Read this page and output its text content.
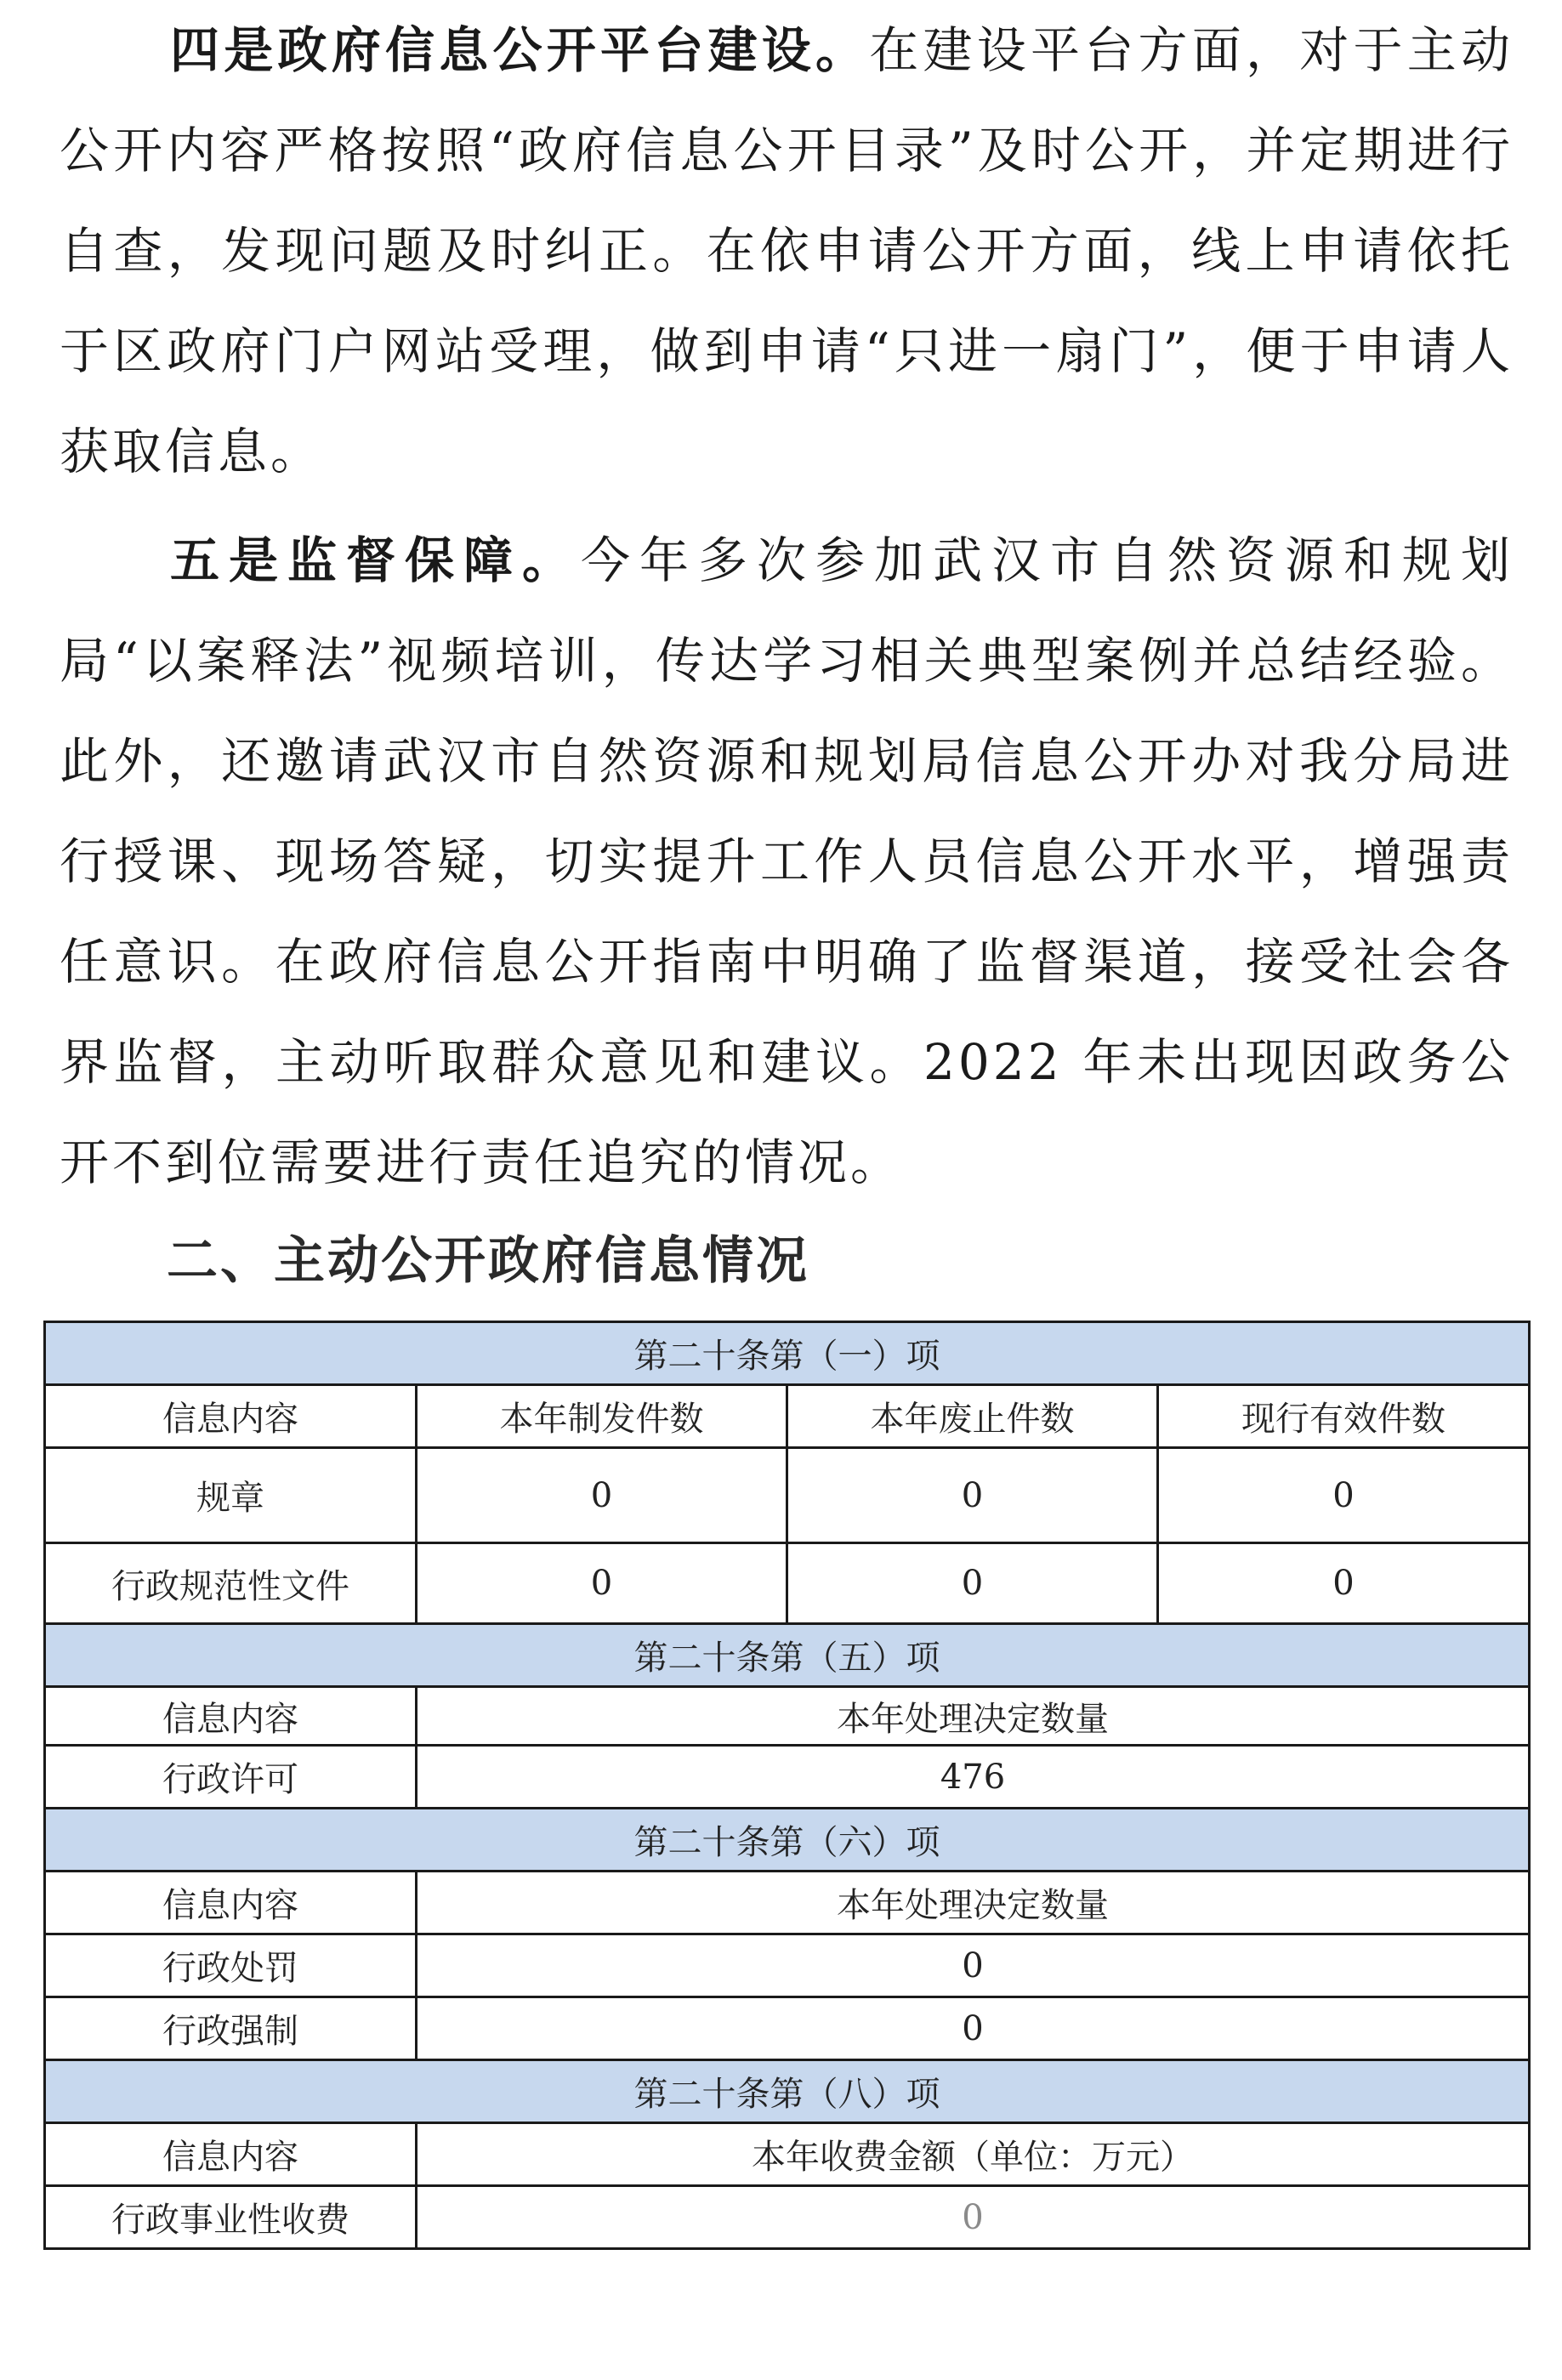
四是政府信息公开平台建设。在建设平台方面，对于主动公开内容严格按照“政府信息公开目录”及时公开，并定期进行自查，发现问题及时纠正。在依申请公开方面，线上申请依托于区政府门户网站受理，做到申请“只进一扇门”，便于申请人获取信息。

五是监督保障。今年多次参加武汉市自然资源和规划局“以案释法”视频培训，传达学习相关典型案例并总结经验。此外，还邀请武汉市自然资源和规划局信息公开办对我分局进行授课、现场答疑，切实提升工作人员信息公开水平，增强责任意识。在政府信息公开指南中明确了监督渠道，接受社会各界监督，主动听取群众意见和建议。2022 年未出现因政务公开不到位需要进行责任追究的情况。

二、主动公开政府信息情况
第二十条第（一）项			
信息内容	本年制发件数	本年废止件数	现行有效件数
规章	0	0	0
行政规范性文件	0	0	0
第二十条第（五）项			
信息内容	本年处理决定数量		
行政许可	476		
第二十条第（六）项			
信息内容	本年处理决定数量		
行政处罚	0		
行政强制	0		
第二十条第（八）项			
信息内容	本年收费金额（单位：万元）		
行政事业性收费	0		
